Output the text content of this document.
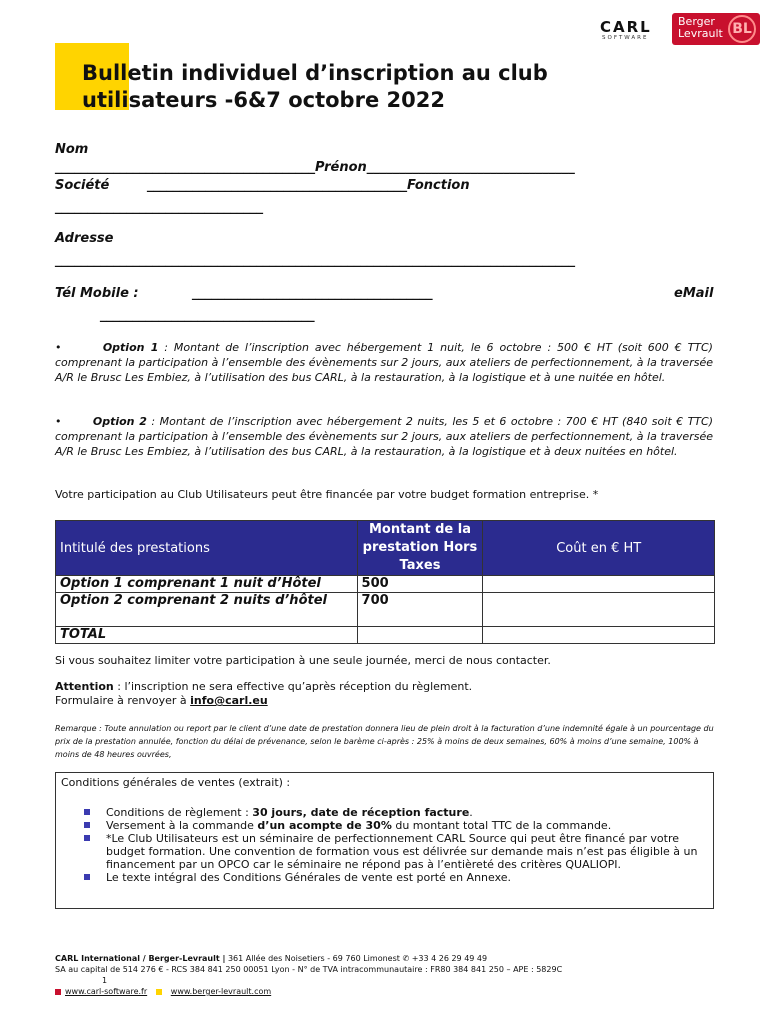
CARL
SOFTWARE
Berger
Levrault BL
Bulletin individuel d’inscription au club
utilisateurs -6&7 octobre 2022
Nom
________________________________________Prénon________________________________
Société	________________________________________Fonction
________________________________
Adresse
________________________________________________________________________________
Tél Mobile :	_____________________________________	eMail
_________________________________
•	Option 1 : Montant de l’inscription avec hébergement 1 nuit, le 6 octobre : 500 € HT (soit 600 € TTC) comprenant la participation à l’ensemble des évènements sur 2 jours, aux ateliers de perfectionnement, à la traversée A/R le Brusc Les Embiez, à l’utilisation des bus CARL, à la restauration, à la logistique et à une nuitée en hôtel.
•	Option 2 : Montant de l’inscription avec hébergement 2 nuits, les 5 et 6 octobre : 700 € HT (840 soit € TTC) comprenant la participation à l’ensemble des évènements sur 2 jours, aux ateliers de perfectionnement, à la traversée A/R le Brusc Les Embiez, à l’utilisation des bus CARL, à la restauration, à la logistique et à deux nuitées en hôtel.
Votre participation au Club Utilisateurs peut être financée par votre budget formation entreprise. *
Intitulé des prestations	Montant de la prestation Hors Taxes	Coût en € HT
Option 1 comprenant 1 nuit d’Hôtel	500	
Option 2 comprenant 2 nuits d’hôtel	700	
TOTAL		
Si vous souhaitez limiter votre participation à une seule journée, merci de nous contacter.
Attention : l’inscription ne sera effective qu’après réception du règlement.
Formulaire à renvoyer à info@carl.eu
Remarque : Toute annulation ou report par le client d’une date de prestation donnera lieu de plein droit à la facturation d’une indemnité égale à un pourcentage du prix de la prestation annulée, fonction du délai de prévenance, selon le barème ci-après : 25% à moins de deux semaines, 60% à moins d’une semaine, 100% à moins de 48 heures ouvrées,
Conditions générales de ventes (extrait) :
Conditions de règlement : 30 jours, date de réception facture.
Versement à la commande d’un acompte de 30% du montant total TTC de la commande.
*Le Club Utilisateurs est un séminaire de perfectionnement CARL Source qui peut être financé par votre budget formation. Une convention de formation vous est délivrée sur demande mais n’est pas éligible à un financement par un OPCO car le séminaire ne répond pas à l’entièreté des critères QUALIOPI.
Le texte intégral des Conditions Générales de vente est porté en Annexe.
CARL International / Berger-Levrault | 361 Allée des Noisetiers - 69 760 Limonest ✆ +33 4 26 29 49 49
SA au capital de 514 276 € - RCS 384 841 250 00051 Lyon - N° de TVA intracommunautaire : FR80 384 841 250 – APE : 5829C
1
www.carl-software.fr	www.berger-levrault.com
